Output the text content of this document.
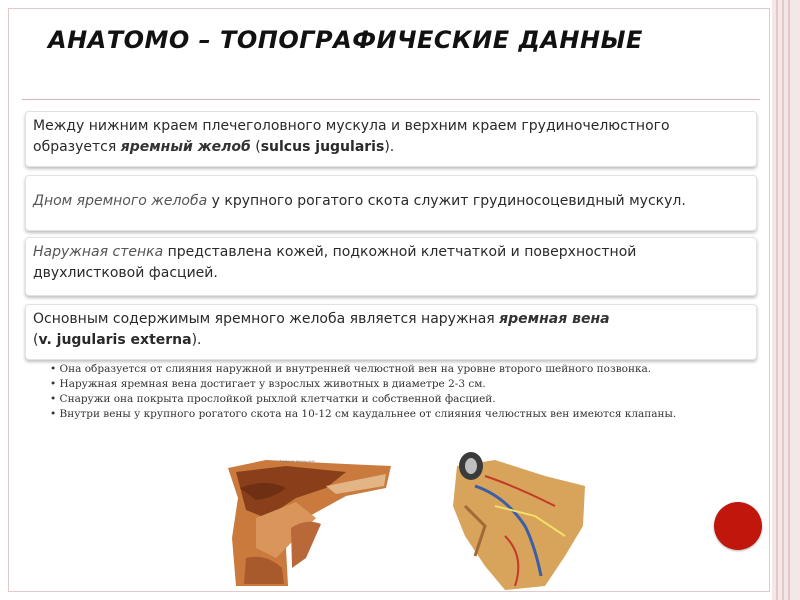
АНАТОМО – ТОПОГРАФИЧЕСКИЕ ДАННЫЕ
Между нижним краем плечеголовного мускула и верхним краем грудиночелюстного
образуется яремный желоб (sulcus jugularis).
Дном яремного желоба у крупного рогатого скота служит грудиносоцевидный мускул.
Наружная стенка представлена кожей, подкожной клетчаткой и поверхностной
двухлистковой фасцией.
Основным содержимым яремного желоба является наружная яремная вена
(v. jugularis externa).
• Она образуется от слияния наружной и внутренней челюстной вен на уровне второго шейного позвонка.
• Наружная яремная вена достигает у взрослых животных в диаметре 2-3 см.
• Снаружи она покрыта прослойкой рыхлой клетчатки и собственной фасцией.
• Внутри вены у крупного рогатого скота на 10-12 см каудальнее от слияния челюстных вен имеются клапаны.
Глубокие мышцы шеи
